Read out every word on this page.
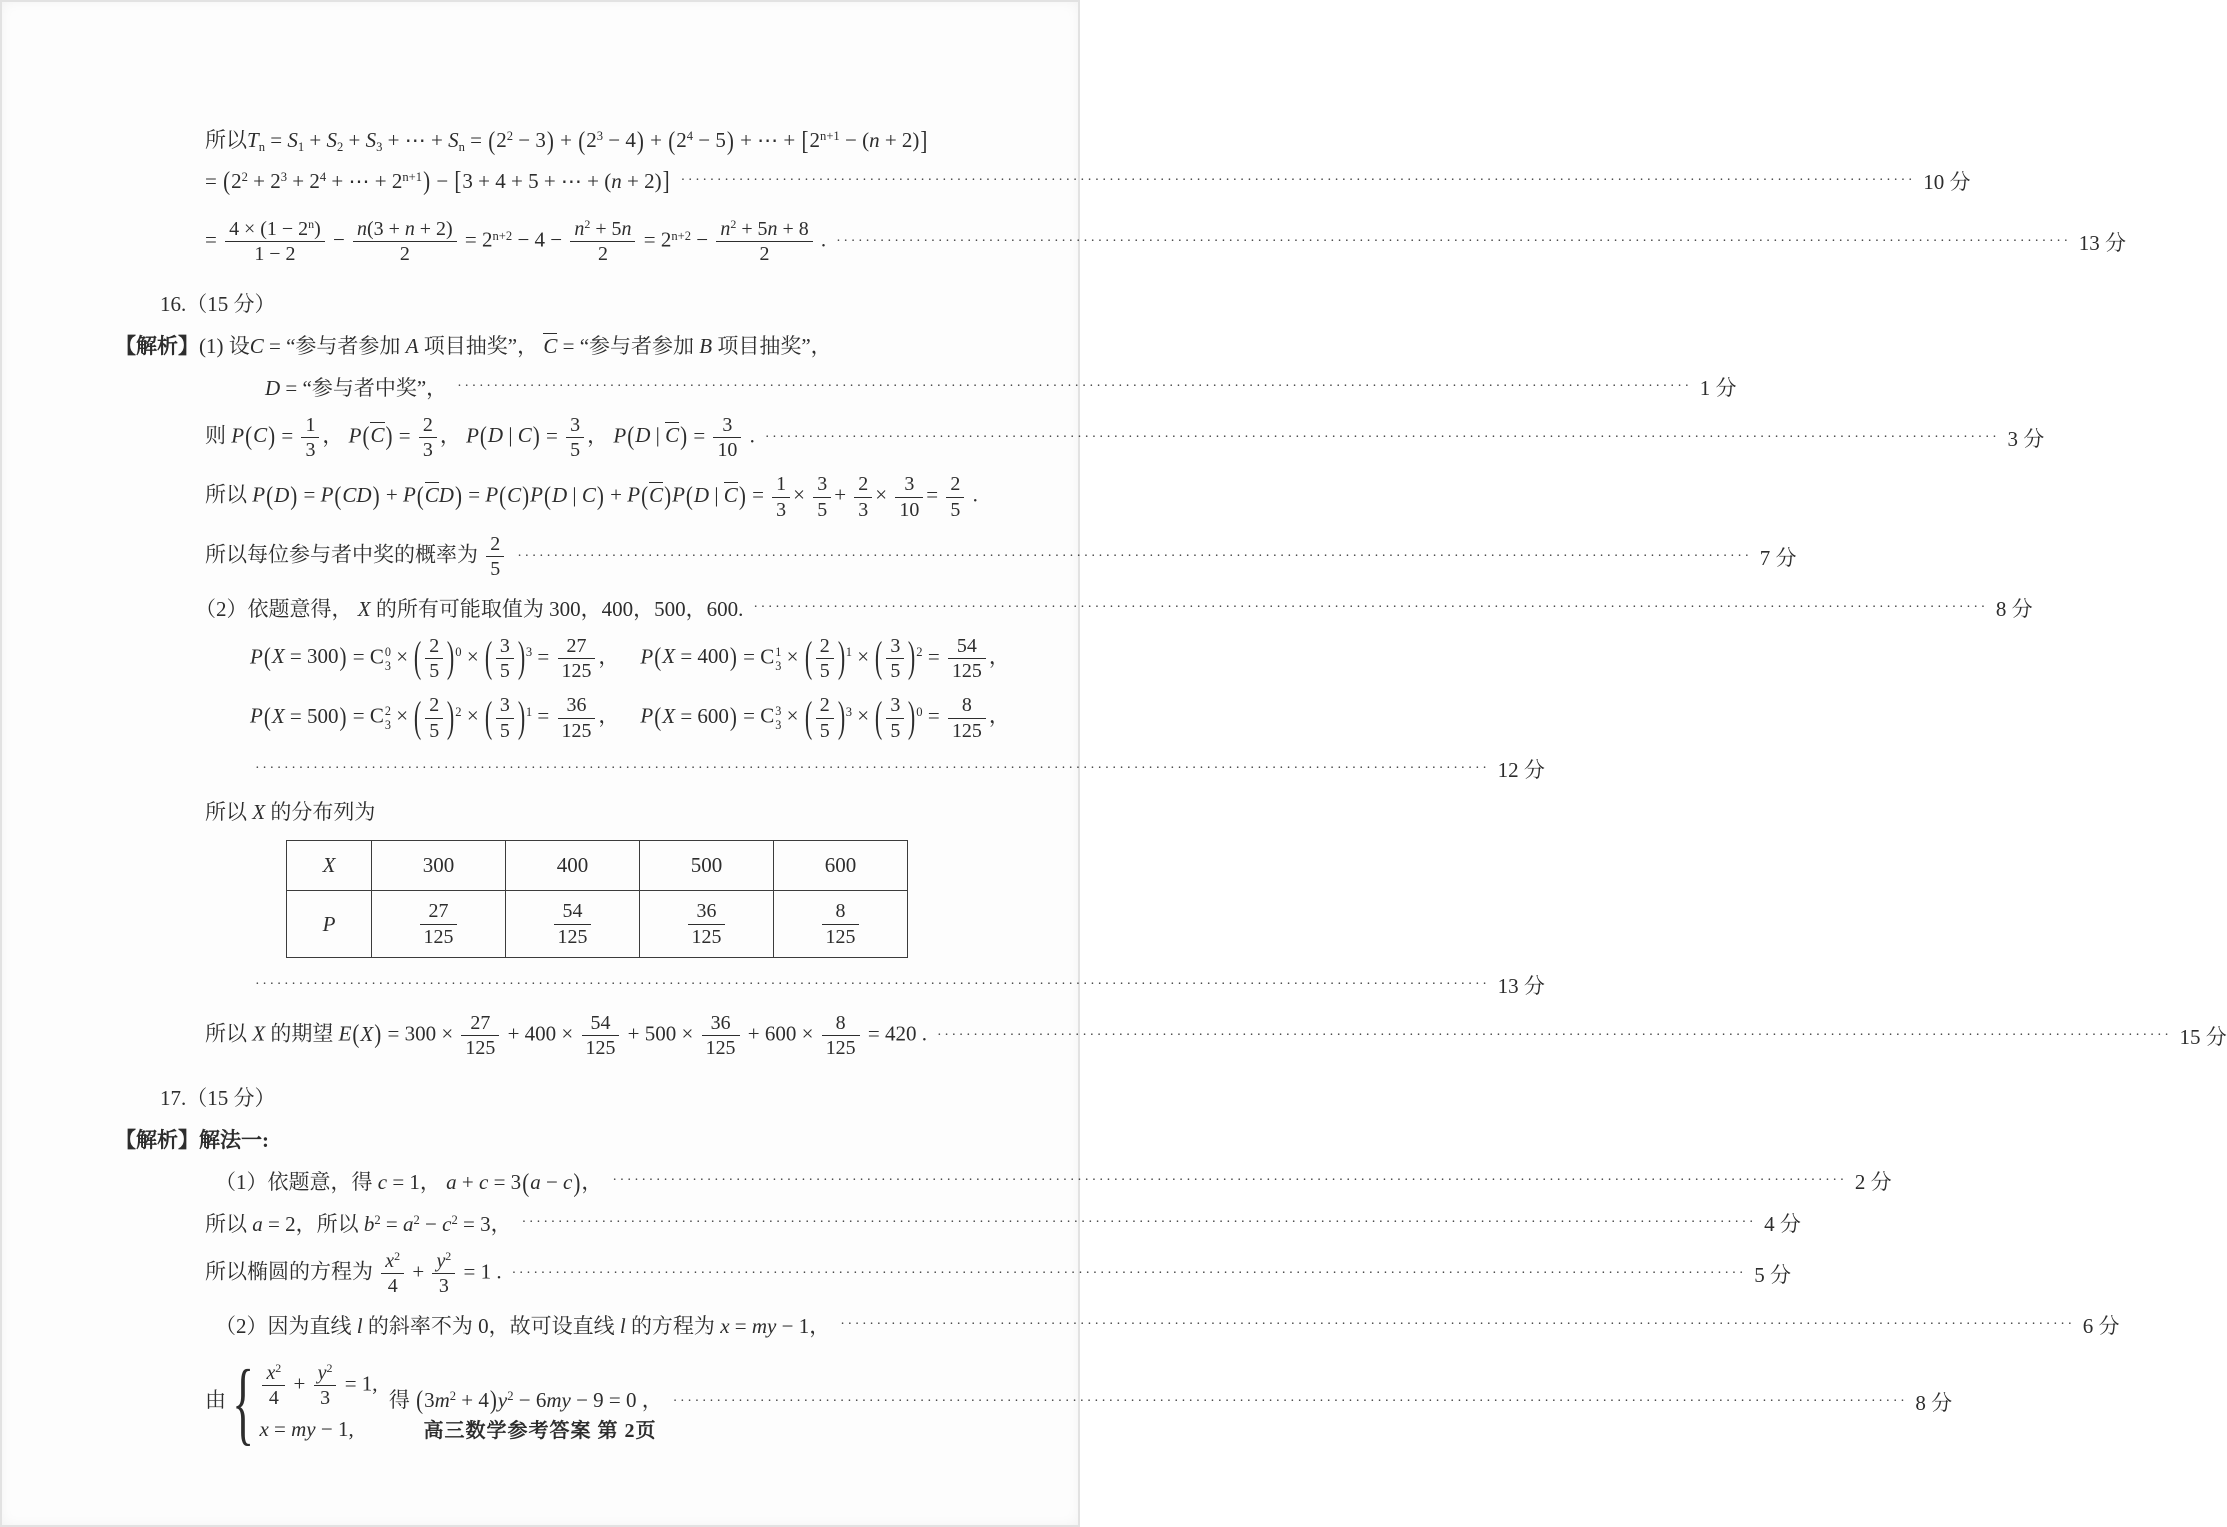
所以Tn = S1 + S2 + S3 + ⋯ + $Sn = (2^2 - 3) + (2^3 - 4) + (2^4 - 5)$ + ⋯ + $[2^{n+1} - (n + 2)]$
= ($2^2 + 2^3 + 2^4$ + ⋯ + $2^{n+1}) - [3 + 4 + 5$ + ⋯ + (n + 2)] ·········································································································································································· 10 分
= $\frac{4 \times (1 - 2^n)}{1 - 2} - \frac{n(3 + n + 2)}{2} = 2^{n+2} - 4 - \frac{n^2 + 5n}{2} = 2^{n+2} - \frac{n^2 + 5n + 8}{2}$ . ·········································································································································································· 13 分
16.（15 分）
【解析】(1) 设C = “参与者参加 A 项目抽奖”， C = “参与者参加 B 项目抽奖”，
D = “参与者中奖”， ·········································································································································································· 1 分
则 $P(C) = \frac{1}{3}$ ， $P(C) = \frac{2}{3}$ ， P(D | $C) = \frac{3}{5}$ ， P(D | $C) = \frac{3}{10}$ . ·········································································································································································· 3 分
所以 P(D) = P(CD) + P(CD) = P(C)P(D | C) + P(C)P(D | $C) = \frac{1}{3} \times \frac{3}{5} + \frac{2}{3} \times \frac{3}{10} = \frac{2}{5}$ .
所以每位参与者中奖的概率为 $\frac{2}{5}$ ·········································································································································································· 7 分
（2）依题意得， X 的所有可能取值为 300，400，500，600. ·········································································································································································· 8 分
P(X = 300) = C 0
3 × ( $\frac{2}{5} )^0$ × ( $\frac{3}{5} )^3 = \frac{27}{125}$ ， P(X = 400) = C 1
3 × ( $\frac{2}{5} )^1$ × ( $\frac{3}{5} )^2 = \frac{54}{125}$ ，
P(X = 500) = C 2
3 × ( $\frac{2}{5} )^2$ × ( $\frac{3}{5} )^1 = \frac{36}{125}$ ， P(X = 600) = C 3
3 × ( $\frac{2}{5} )^3$ × ( $\frac{3}{5} )^0 = \frac{8}{125}$ ，
·········································································································································································· 12 分
所以 X 的分布列为
X	300	400	500	600
P	$\frac{27}{125}$	$\frac{54}{125}$	$\frac{36}{125}$	$\frac{8}{125}$
·········································································································································································· 13 分
所以 X 的期望 $E(X) = 300 \times \frac{27}{125} + 400 \times \frac{54}{125} + 500 \times \frac{36}{125} + 600 \times \frac{8}{125} = 420$ . ·········································································································································································· 15 分
17.（15 分）
【解析】解法一:
（1）依题意，得 c = 1， a + c = 3(a − c)， ·········································································································································································· 2 分
所以 a = 2，所以 $b^2 = a^2 - c^2 = 3$， ·········································································································································································· 4 分
所以椭圆的方程为 $\frac{x^2}{4} + \frac{y^2}{3} = 1$ . ·········································································································································································· 5 分
（2）因为直线 l 的斜率不为 0，故可设直线 l 的方程为 x = my − 1， ·········································································································································································· 6 分
由 { $\frac{x^2}{4} + \frac{y^2}{3} = 1$,
x = my − 1,
得 $(3m^2 + 4)y^2 - 6my - 9 = 0$ ， ·········································································································································································· 8 分
高三数学参考答案 第 2页
